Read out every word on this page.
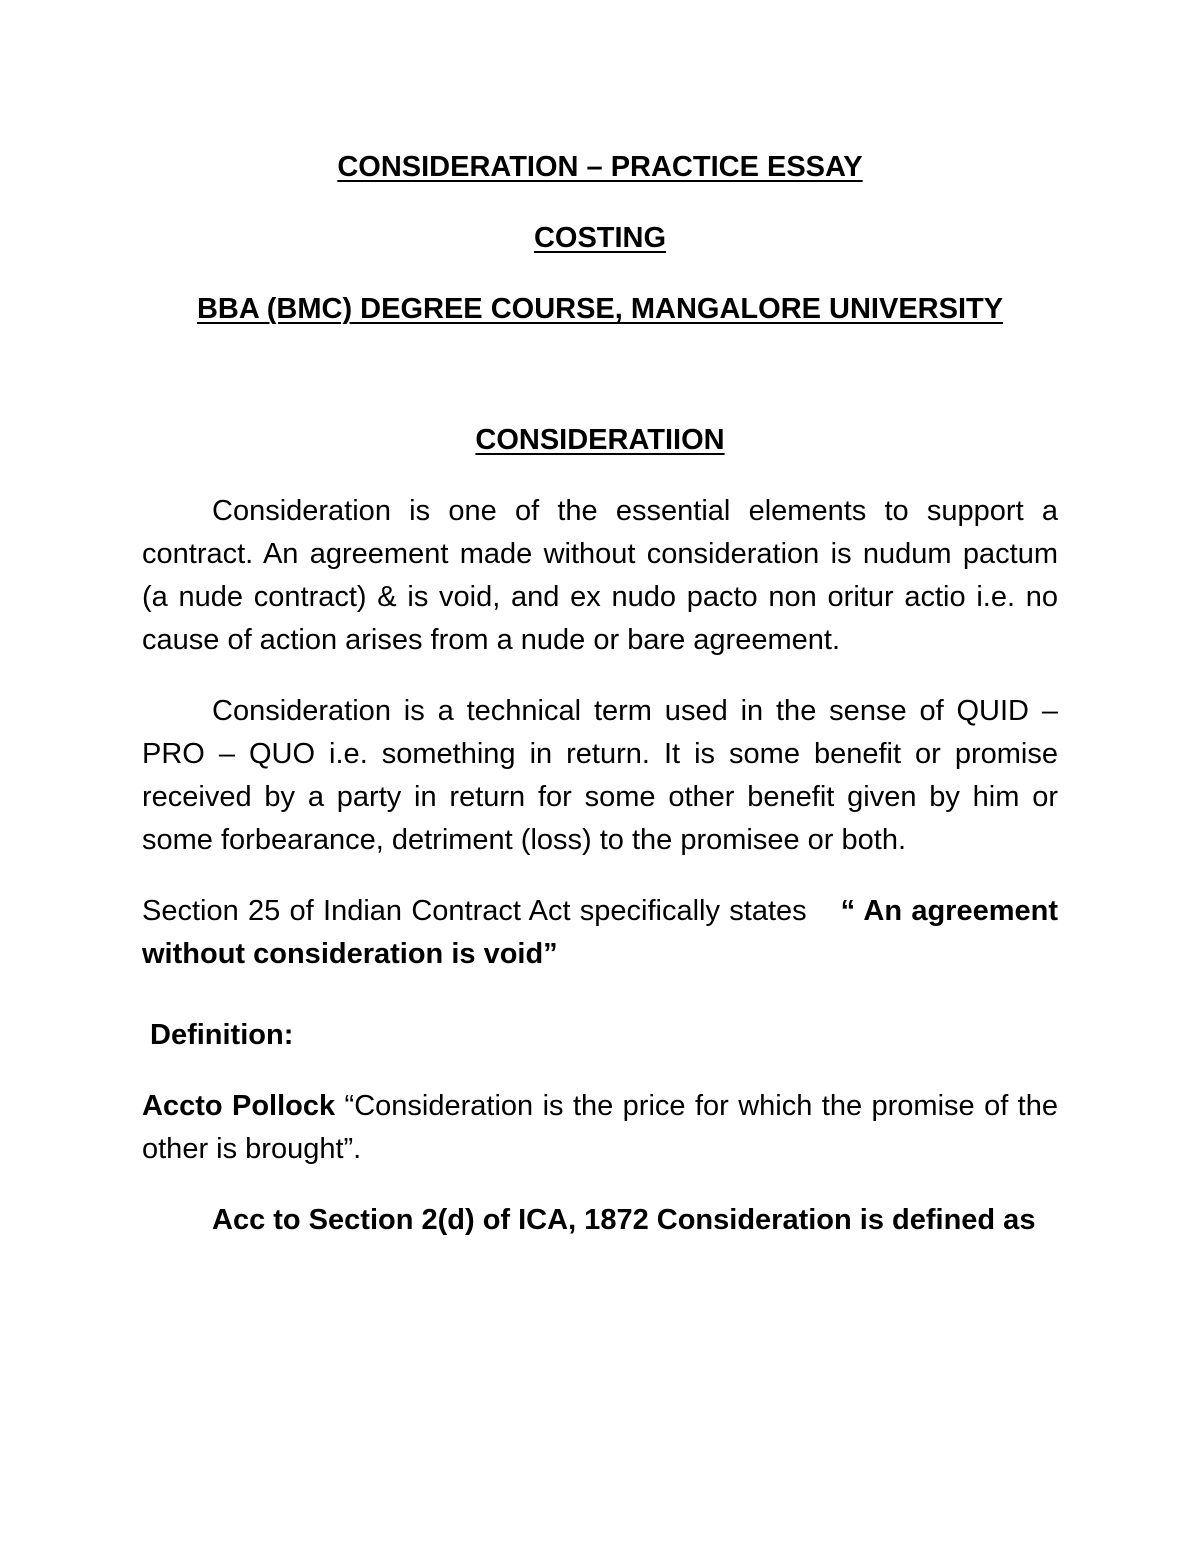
CONSIDERATION – PRACTICE ESSAY
COSTING
BBA (BMC) DEGREE COURSE, MANGALORE UNIVERSITY
CONSIDERATIION

Consideration is one of the essential elements to support a contract. An agreement made without consideration is nudum pactum (a nude contract) & is void, and ex nudo pacto non oritur actio i.e. no cause of action arises from a nude or bare agreement.

Consideration is a technical term used in the sense of QUID – PRO – QUO i.e. something in return. It is some benefit or promise received by a party in return for some other benefit given by him or some forbearance, detriment (loss) to the promisee or both.

Section 25 of Indian Contract Act specifically states “ An agreement without consideration is void”

Definition:

Accto Pollock “Consideration is the price for which the promise of the other is brought”.

Acc to Section 2(d) of ICA, 1872 Consideration is defined as
